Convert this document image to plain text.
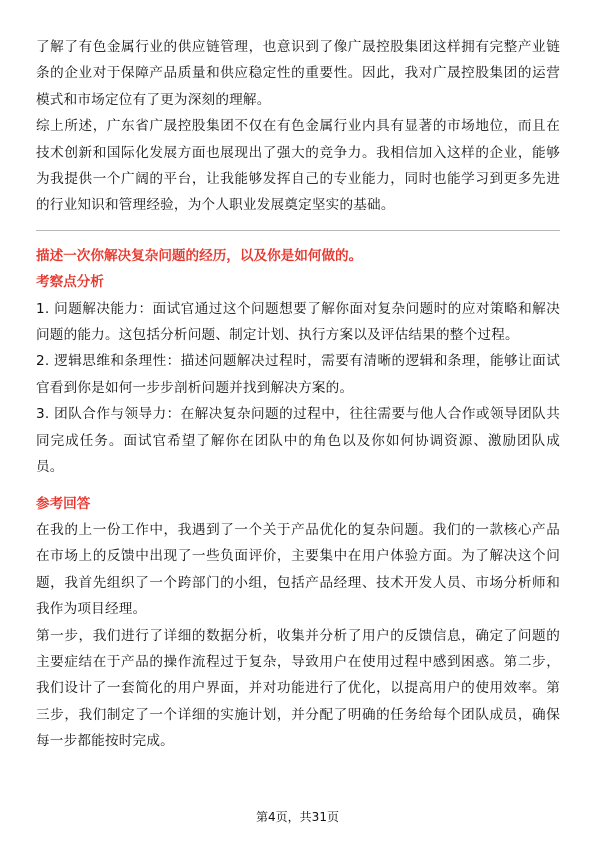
了解了有色金属行业的供应链管理，也意识到了像广晟控股集团这样拥有完整产业链条的企业对于保障产品质量和供应稳定性的重要性。因此，我对广晟控股集团的运营模式和市场定位有了更为深刻的理解。

综上所述，广东省广晟控股集团不仅在有色金属行业内具有显著的市场地位，而且在技术创新和国际化发展方面也展现出了强大的竞争力。我相信加入这样的企业，能够为我提供一个广阔的平台，让我能够发挥自己的专业能力，同时也能学习到更多先进的行业知识和管理经验，为个人职业发展奠定坚实的基础。

描述一次你解决复杂问题的经历，以及你是如何做的。

考察点分析

1. 问题解决能力：面试官通过这个问题想要了解你面对复杂问题时的应对策略和解决问题的能力。这包括分析问题、制定计划、执行方案以及评估结果的整个过程。

2. 逻辑思维和条理性：描述问题解决过程时，需要有清晰的逻辑和条理，能够让面试官看到你是如何一步步剖析问题并找到解决方案的。

3. 团队合作与领导力：在解决复杂问题的过程中，往往需要与他人合作或领导团队共同完成任务。面试官希望了解你在团队中的角色以及你如何协调资源、激励团队成员。

参考回答

在我的上一份工作中，我遇到了一个关于产品优化的复杂问题。我们的一款核心产品在市场上的反馈中出现了一些负面评价，主要集中在用户体验方面。为了解决这个问题，我首先组织了一个跨部门的小组，包括产品经理、技术开发人员、市场分析师和我作为项目经理。

第一步，我们进行了详细的数据分析，收集并分析了用户的反馈信息，确定了问题的主要症结在于产品的操作流程过于复杂，导致用户在使用过程中感到困惑。第二步，我们设计了一套简化的用户界面，并对功能进行了优化，以提高用户的使用效率。第三步，我们制定了一个详细的实施计划，并分配了明确的任务给每个团队成员，确保每一步都能按时完成。

第4页，共31页
